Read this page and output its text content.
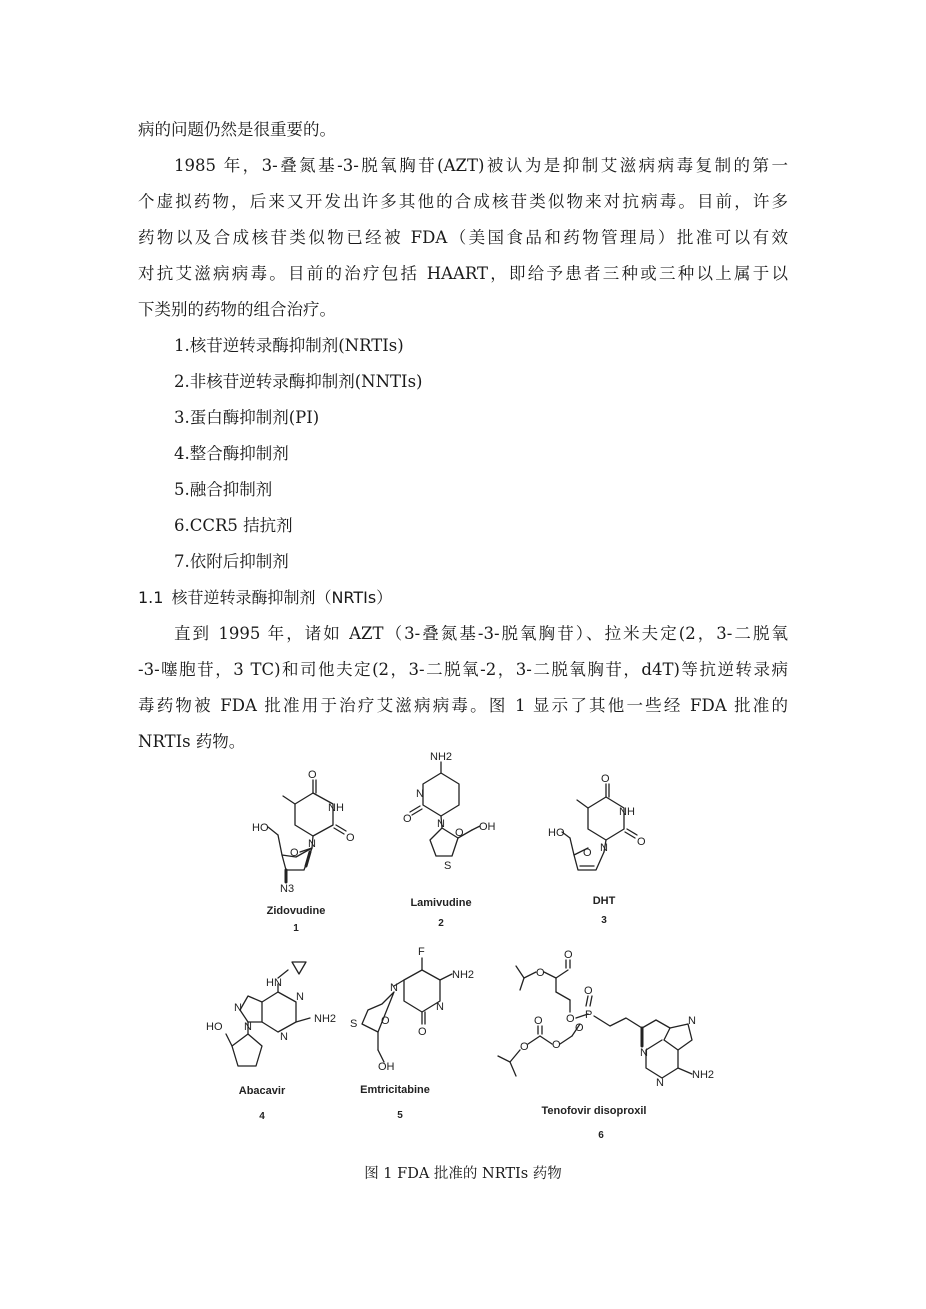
病的问题仍然是很重要的。
1985 年，3-叠氮基-3-脱氧胸苷(AZT)被认为是抑制艾滋病病毒复制的第一
个虚拟药物，后来又开发出许多其他的合成核苷类似物来对抗病毒。目前，许多
药物以及合成核苷类似物已经被 FDA（美国食品和药物管理局）批准可以有效
对抗艾滋病病毒。目前的治疗包括 HAART，即给予患者三种或三种以上属于以
下类别的药物的组合治疗。
1.核苷逆转录酶抑制剂(NRTIs)
2.非核苷逆转录酶抑制剂(NNTIs)
3.蛋白酶抑制剂(PI)
4.整合酶抑制剂
5.融合抑制剂
6.CCR5 拮抗剂
7.依附后抑制剂
1.1 核苷逆转录酶抑制剂（NRTIs）
直到 1995 年，诸如 AZT（3-叠氮基-3-脱氧胸苷）、拉米夫定(2，3-二脱氧
-3-噻胞苷，3 TC)和司他夫定(2，3-二脱氧-2，3-二脱氧胸苷，d4T)等抗逆转录病
毒药物被 FDA 批准用于治疗艾滋病病毒。图 1 显示了其他一些经 FDA 批准的
NRTIs 药物。
O
NH
O
N
O
HO
N3
Zidovudine
1
NH2
N
O N
O
S
OH
Lamivudine
2
O
NH
O
N
O
HO
DHT
3
HN
N
N
N
N
NH2
HO
Abacavir
4
F
NH2
N
O
N
S O
OH
Emtricitabine
5
O
O
O
O
P
O
O
O
O
N
N
N
NH2
Tenofovir disoproxil
6
图 1 FDA 批准的 NRTIs 药物
